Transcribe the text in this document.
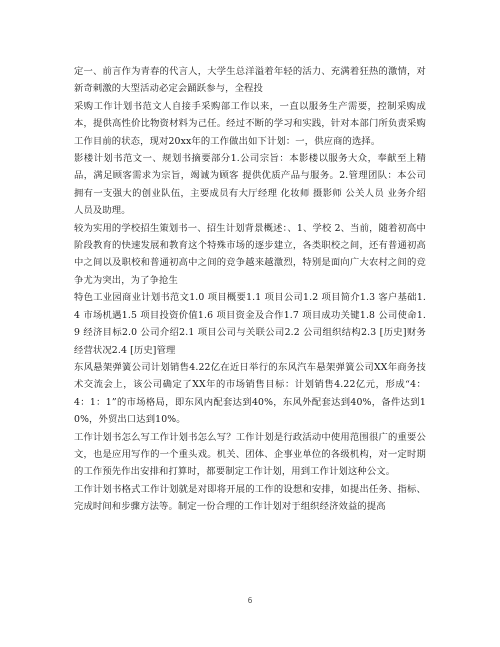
定一、前言作为青春的代言人，大学生总洋溢着年轻的活力、充满着狂热的激情，对新奇刺激的大型活动必定会踊跃参与，全程投

采购工作计划书范文人自接手采购部工作以来，一直以服务生产需要，控制采购成本，提供高性价比物资材料为己任。经过不断的学习和实践，针对本部门所负责采购工作目前的状态，现对20xx年的工作做出如下计划：一，供应商的选择。

影楼计划书范文一、规划书摘要部分1.公司宗旨：本影楼以服务大众，奉献至上精品，满足顾客需求为宗旨，竭诚为顾客 提供优质产品与服务。2.管理团队：本公司拥有一支强大的创业队伍，主要成员有大厅经理 化妆师 摄影师 公关人员 业务介绍人员及助理。

较为实用的学校招生策划书一、招生计划背景概述：、1、学校 2、当前，随着初高中阶段教育的快速发展和教育这个特殊市场的逐步建立，各类职校之间，还有普通初高中之间以及职校和普通初高中之间的竞争越来越激烈，特别是面向广大农村之间的竞争尤为突出，为了争抢生

特色工业园商业计划书范文1.0 项目概要1.1 项目公司1.2 项目简介1.3 客户基础1.4 市场机遇1.5 项目投资价值1.6 项目资金及合作1.7 项目成功关键1.8 公司使命1.9 经济目标2.0 公司介绍2.1 项目公司与关联公司2.2 公司组织结构2.3 [历史]财务经营状况2.4 [历史]管理

东风悬架弹簧公司计划销售4.22亿在近日举行的东风汽车悬架弹簧公司XX年商务技术交流会上，该公司确定了XX年的市场销售目标：计划销售4.22亿元，形成“4：4：1：1”的市场格局，即东风内配套达到40%，东风外配套达到40%，备件达到10%，外贸出口达到10%。

工作计划书怎么写工作计划书怎么写？工作计划是行政活动中使用范围很广的重要公文，也是应用写作的一个重头戏。机关、团体、企事业单位的各级机构，对一定时期的工作预先作出安排和打算时，都要制定工作计划，用到工作计划这种公文。

工作计划书格式工作计划就是对即将开展的工作的设想和安排，如提出任务、指标、完成时间和步骤方法等。制定一份合理的工作计划对于组织经济效益的提高

6
